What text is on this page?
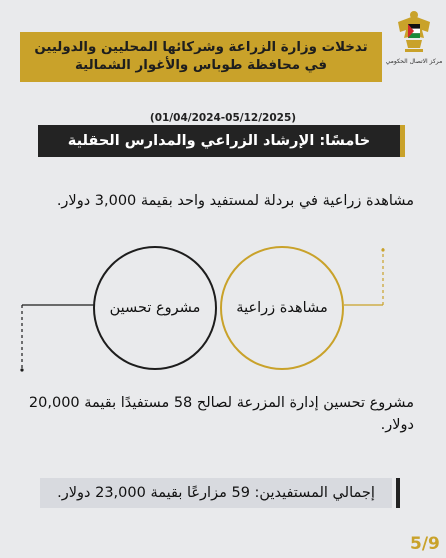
تدخلات وزارة الزراعة وشركائها المحليين والدوليين
في محافظة طوباس والأغوار الشمالية	مركز الاتصال الحكومي
(01/04/2024-05/12/2025)
خامسًا: الإرشاد الزراعي والمدارس الحقلية
مشاهدة زراعية في بردلة لمستفيد واحد بقيمة 3,000 دولار.
مشروع تحسين مشاهدة زراعية
مشروع تحسين إدارة المزرعة لصالح 58 مستفيدًا بقيمة 20,000 دولار.
إجمالي المستفيدين: 59 مزارعًا بقيمة 23,000 دولار.
5/9
